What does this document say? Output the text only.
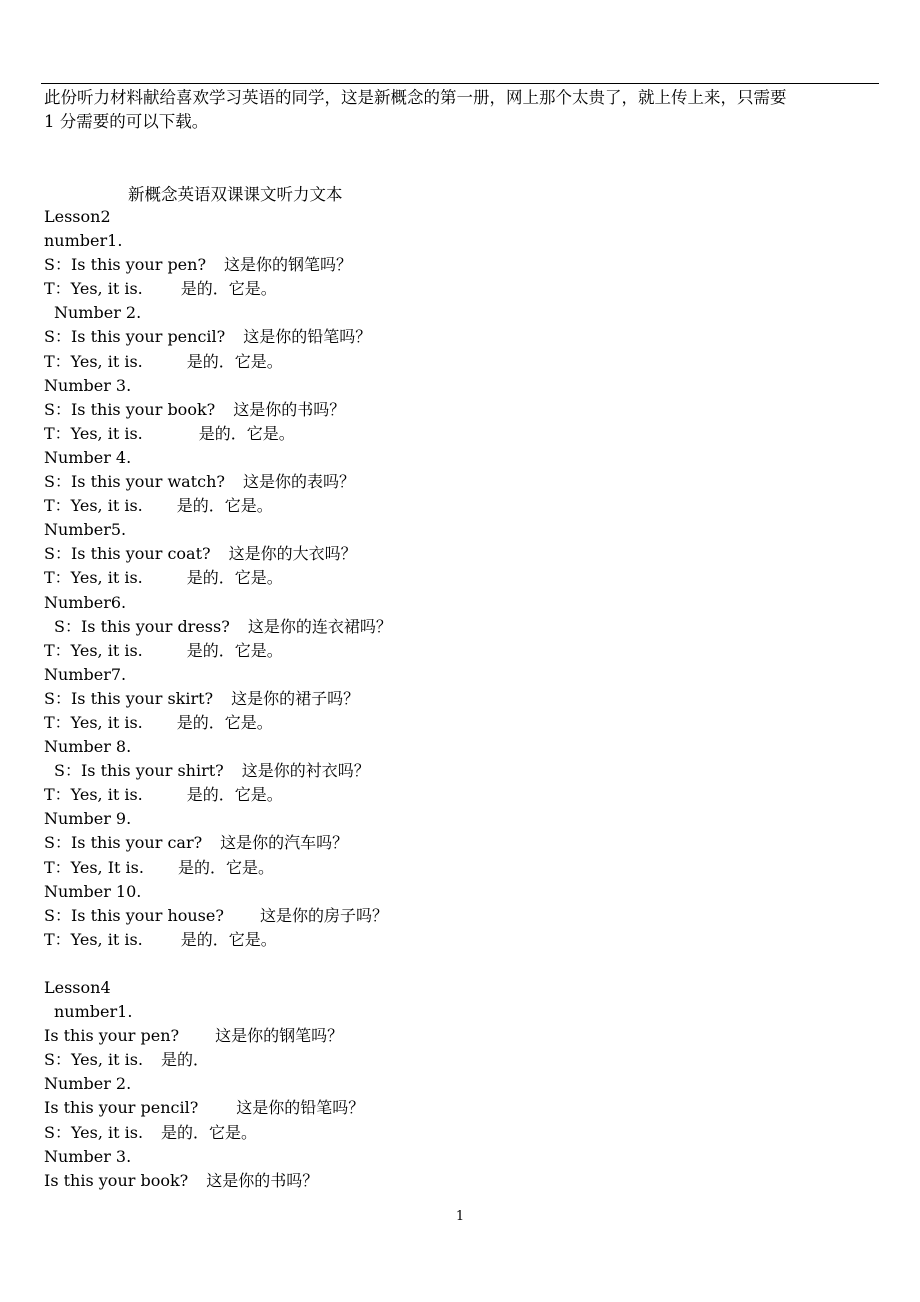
此份听力材料献给喜欢学习英语的同学，这是新概念的第一册，网上那个太贵了，就上传上来，只需要
1 分需要的可以下载。
新概念英语双课课文听力文本
Lesson2
number1.
S：Is this your pen? 这是你的钢笔吗？
T：Yes, it is. 是的．它是。
Number 2.
S：Is this your pencil? 这是你的铅笔吗？
T：Yes, it is.	是的．它是。
Number 3.
S：Is this your book? 这是你的书吗？
T：Yes, it is.	是的．它是。
Number 4.
S：Is this your watch? 这是你的表吗？
T：Yes, it is. 是的．它是。
Number5.
S：Is this your coat? 这是你的大衣吗？
T：Yes, it is.	是的．它是。
Number6.
S：Is this your dress? 这是你的连衣裙吗？
T：Yes, it is.	是的．它是。
Number7.
S：Is this your skirt? 这是你的裙子吗？
T：Yes, it is. 是的．它是。
Number 8.
S：Is this your shirt? 这是你的衬衣吗？
T：Yes, it is.	是的．它是。
Number 9.
S：Is this your car? 这是你的汽车吗？
T：Yes, It is. 是的．它是。
Number 10.
S：Is this your house? 这是你的房子吗？
T：Yes, it is. 是的．它是。
Lesson4
number1.
Is this your pen? 这是你的钢笔吗？
S：Yes, it is. 是的．
Number 2.
Is this your pencil? 这是你的铅笔吗？
S：Yes, it is. 是的．它是。
Number 3.
Is this your book? 这是你的书吗？
1
